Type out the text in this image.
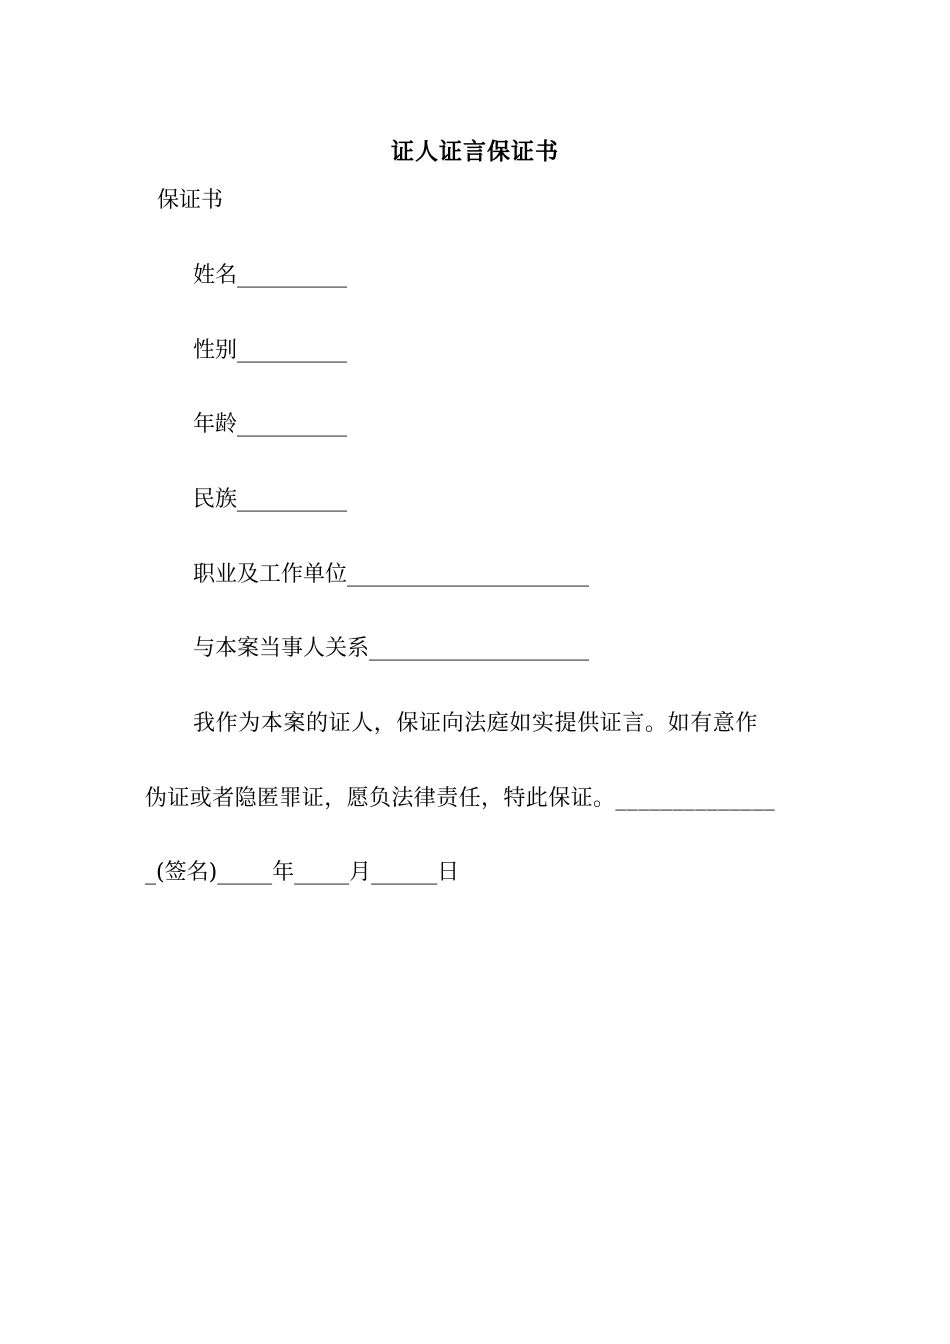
证人证言保证书
保证书
姓名__________
性别__________
年龄__________
民族__________
职业及工作单位______________________
与本案当事人关系____________________
我作为本案的证人，保证向法庭如实提供证言。如有意作
伪证或者隐匿罪证，愿负法律责任，特此保证。______________
_(签名)_____年_____月______日
